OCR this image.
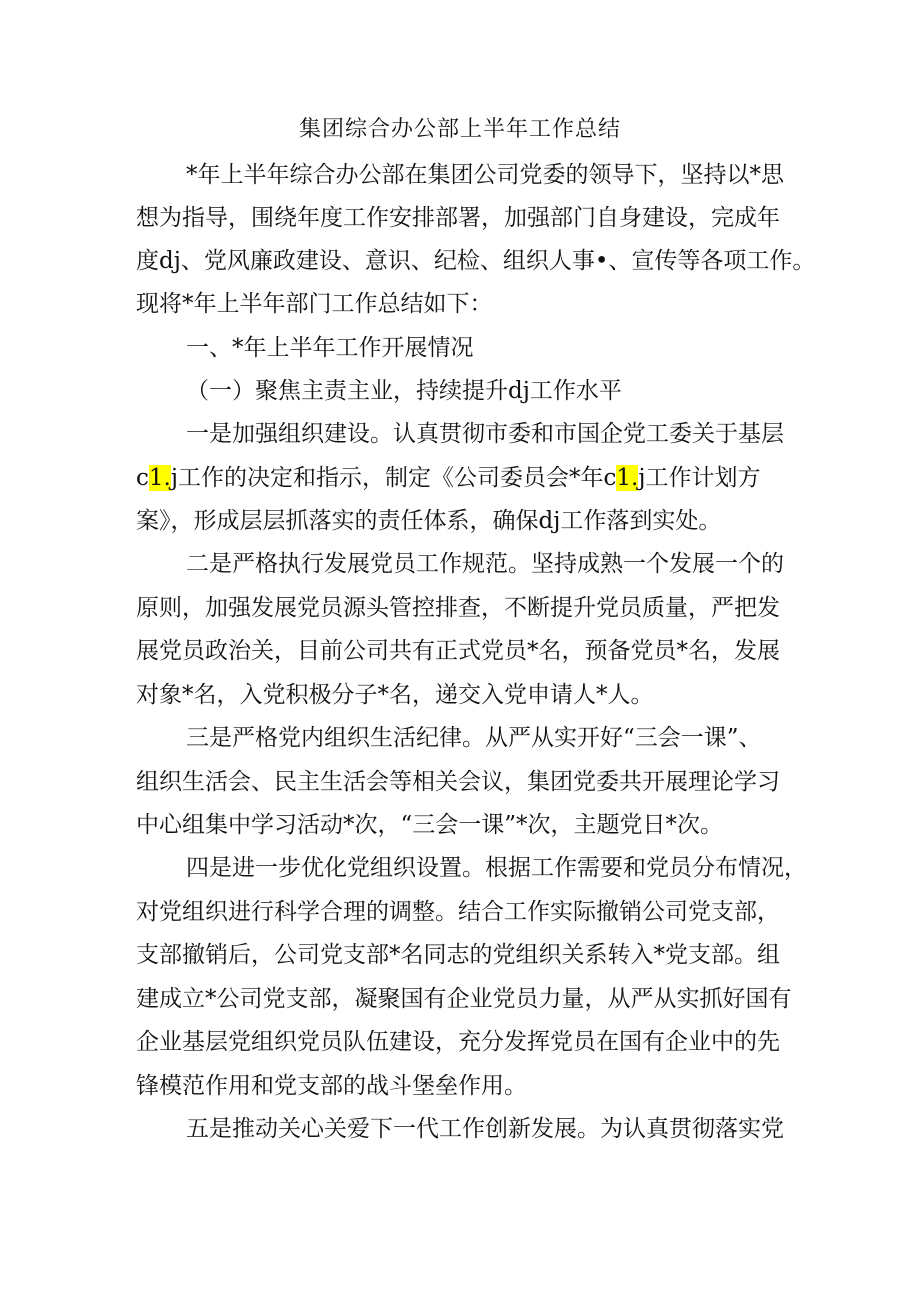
集团综合办公部上半年工作总结

*年上半年综合办公部在集团公司党委的领导下，坚持以*思

想为指导，围绕年度工作安排部署，加强部门自身建设，完成年

度dj、党风廉政建设、意识、纪检、组织人事•、宣传等各项工作。

现将*年上半年部门工作总结如下：

一、*年上半年工作开展情况

（一）聚焦主责主业，持续提升dj工作水平

一是加强组织建设。认真贯彻市委和市国企党工委关于基层

c1.j工作的决定和指示，制定《公司委员会*年c1.j工作计划方

案》，形成层层抓落实的责任体系，确保dj工作落到实处。

二是严格执行发展党员工作规范。坚持成熟一个发展一个的

原则，加强发展党员源头管控排查，不断提升党员质量，严把发

展党员政治关，目前公司共有正式党员*名，预备党员*名，发展

对象*名，入党积极分子*名，递交入党申请人*人。

三是严格党内组织生活纪律。从严从实开好“三会一课”、

组织生活会、民主生活会等相关会议，集团党委共开展理论学习

中心组集中学习活动*次，“三会一课”*次，主题党日*次。

四是进一步优化党组织设置。根据工作需要和党员分布情况，

对党组织进行科学合理的调整。结合工作实际撤销公司党支部，

支部撤销后，公司党支部*名同志的党组织关系转入*党支部。组

建成立*公司党支部，凝聚国有企业党员力量，从严从实抓好国有

企业基层党组织党员队伍建设，充分发挥党员在国有企业中的先

锋模范作用和党支部的战斗堡垒作用。

五是推动关心关爱下一代工作创新发展。为认真贯彻落实党
